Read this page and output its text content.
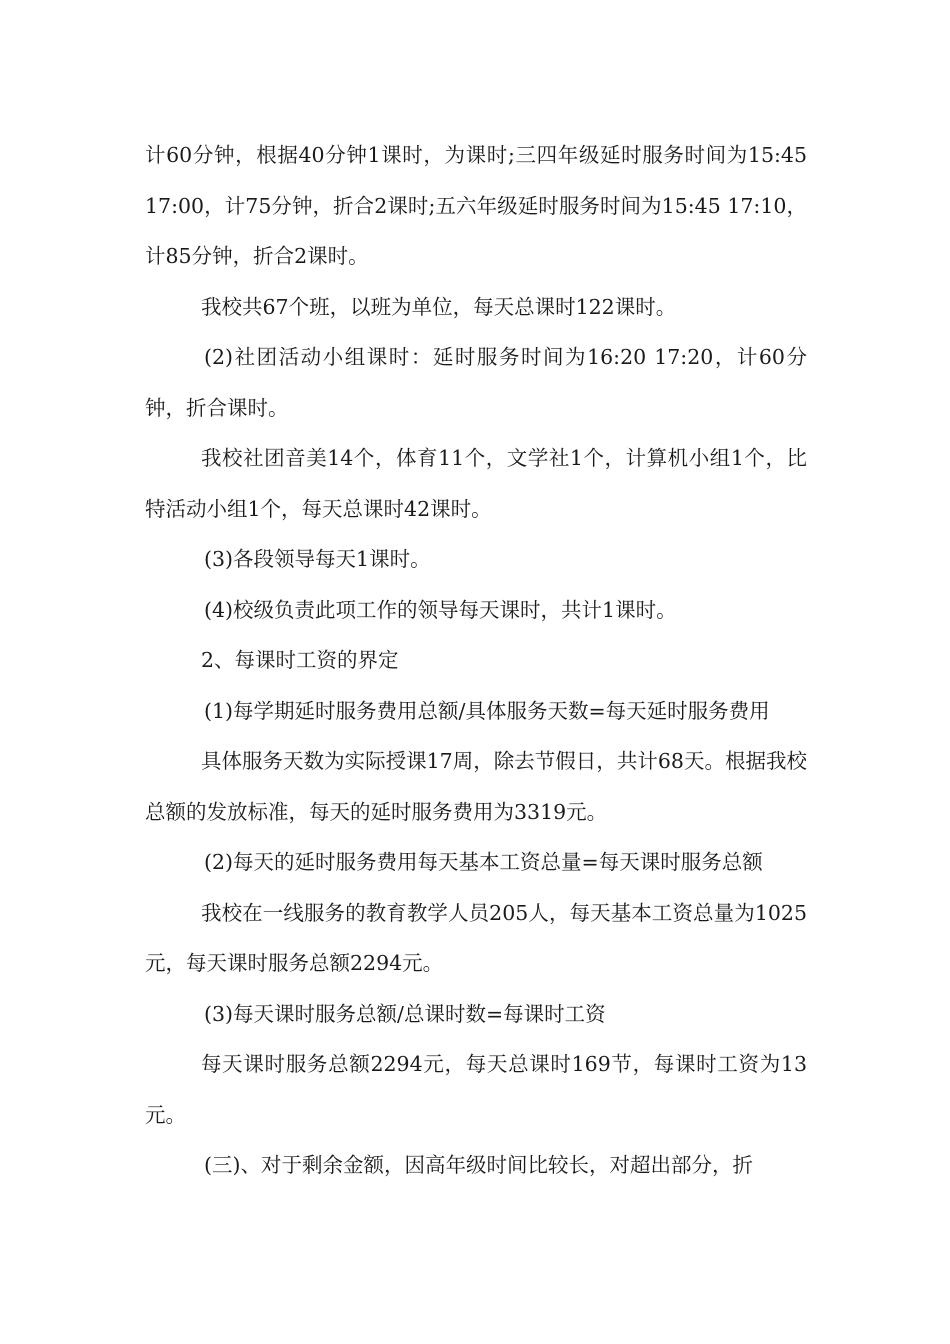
计60分钟，根据40分钟1课时，为课时;三四年级延时服务时间为15:45 17:00，计75分钟，折合2课时;五六年级延时服务时间为15:45 17:10，计85分钟，折合2课时。

我校共67个班，以班为单位，每天总课时122课时。

(2)社团活动小组课时：延时服务时间为16:20 17:20，计60分钟，折合课时。

我校社团音美14个，体育11个，文学社1个，计算机小组1个，比特活动小组1个，每天总课时42课时。

(3)各段领导每天1课时。

(4)校级负责此项工作的领导每天课时，共计1课时。

2、每课时工资的界定

(1)每学期延时服务费用总额/具体服务天数=每天延时服务费用

具体服务天数为实际授课17周，除去节假日，共计68天。根据我校总额的发放标准，每天的延时服务费用为3319元。

(2)每天的延时服务费用每天基本工资总量=每天课时服务总额

我校在一线服务的教育教学人员205人，每天基本工资总量为1025元，每天课时服务总额2294元。

(3)每天课时服务总额/总课时数=每课时工资

每天课时服务总额2294元，每天总课时169节，每课时工资为13元。

(三)、对于剩余金额，因高年级时间比较长，对超出部分，折
